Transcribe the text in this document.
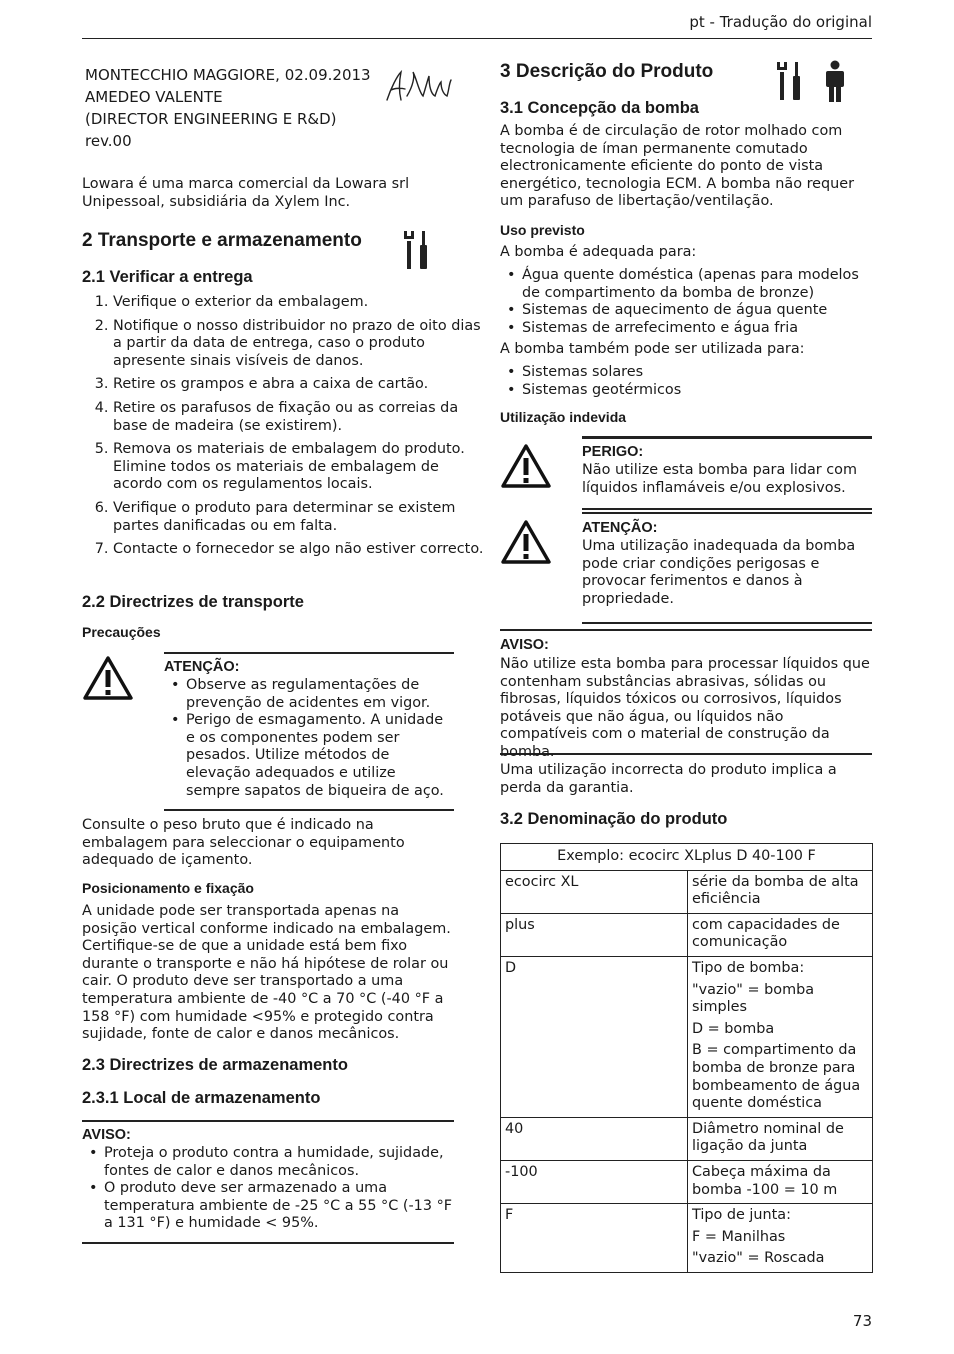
pt - Tradução do original
MONTECCHIO MAGGIORE, 02.09.2013
AMEDEO VALENTE
(DIRECTOR ENGINEERING E R&D)
rev.00

Lowara é uma marca comercial da Lowara srl Unipessoal, subsidiária da Xylem Inc.

2 Transporte e armazenamento
2.1 Verificar a entrega
1. Verifique o exterior da embalagem.
2. Notifique o nosso distribuidor no prazo de oito dias a partir da data de entrega, caso o produto apresente sinais visíveis de danos.
3. Retire os grampos e abra a caixa de cartão.
4. Retire os parafusos de fixação ou as correias da base de madeira (se existirem).
5. Remova os materiais de embalagem do produto. Elimine todos os materiais de embalagem de acordo com os regulamentos locais.
6. Verifique o produto para determinar se existem partes danificadas ou em falta.
7. Contacte o fornecedor se algo não estiver correcto.
2.2 Directrizes de transporte
Precauções
ATENÇÃO:
• Observe as regulamentações de prevenção de acidentes em vigor.
• Perigo de esmagamento. A unidade e os componentes podem ser pesados. Utilize métodos de elevação adequados e utilize sempre sapatos de biqueira de aço.

Consulte o peso bruto que é indicado na embalagem para seleccionar o equipamento adequado de içamento.

Posicionamento e fixação

A unidade pode ser transportada apenas na posição vertical conforme indicado na embalagem. Certifique-se de que a unidade está bem fixo durante o transporte e não há hipótese de rolar ou cair. O produto deve ser transportado a uma temperatura ambiente de -40 °C a 70 °C (-40 °F a 158 °F) com humidade <95% e protegido contra sujidade, fonte de calor e danos mecânicos.

2.3 Directrizes de armazenamento
2.3.1 Local de armazenamento
AVISO:
• Proteja o produto contra a humidade, sujidade, fontes de calor e danos mecânicos.
• O produto deve ser armazenado a uma temperatura ambiente de -25 °C a 55 °C (-13 °F a 131 °F) e humidade < 95%.
3 Descrição do Produto
3.1 Concepção da bomba

A bomba é de circulação de rotor molhado com tecnologia de íman permanente comutado electronicamente eficiente do ponto de vista energético, tecnologia ECM. A bomba não requer um parafuso de libertação/ventilação.

Uso previsto

A bomba é adequada para:

• Água quente doméstica (apenas para modelos de compartimento da bomba de bronze)
• Sistemas de aquecimento de água quente
• Sistemas de arrefecimento e água fria

A bomba também pode ser utilizada para:

• Sistemas solares
• Sistemas geotérmicos
Utilização indevida
PERIGO:

Não utilize esta bomba para lidar com líquidos inflamáveis e/ou explosivos.

ATENÇÃO:

Uma utilização inadequada da bomba pode criar condições perigosas e provocar ferimentos e danos à propriedade.

AVISO:

Não utilize esta bomba para processar líquidos que contenham substâncias abrasivas, sólidas ou fibrosas, líquidos tóxicos ou corrosivos, líquidos potáveis que não água, ou líquidos não compatíveis com o material de construção da bomba.

Uma utilização incorrecta do produto implica a perda da garantia.

3.2 Denominação do produto
Exemplo: ecocirc XLplus D 40-100 F	
ecocirc XL	série da bomba de alta eficiência

plus	com capacidades de comunicação

D	Tipo de bomba:

"vazio" = bomba simples

D = bomba

B = compartimento da bomba de bronze para bombeamento de água quente doméstica

40	Diâmetro nominal de ligação da junta

-100	Cabeça máxima da bomba -100 = 10 m

F	Tipo de junta:

F = Manilhas

"vazio" = Roscada

73
